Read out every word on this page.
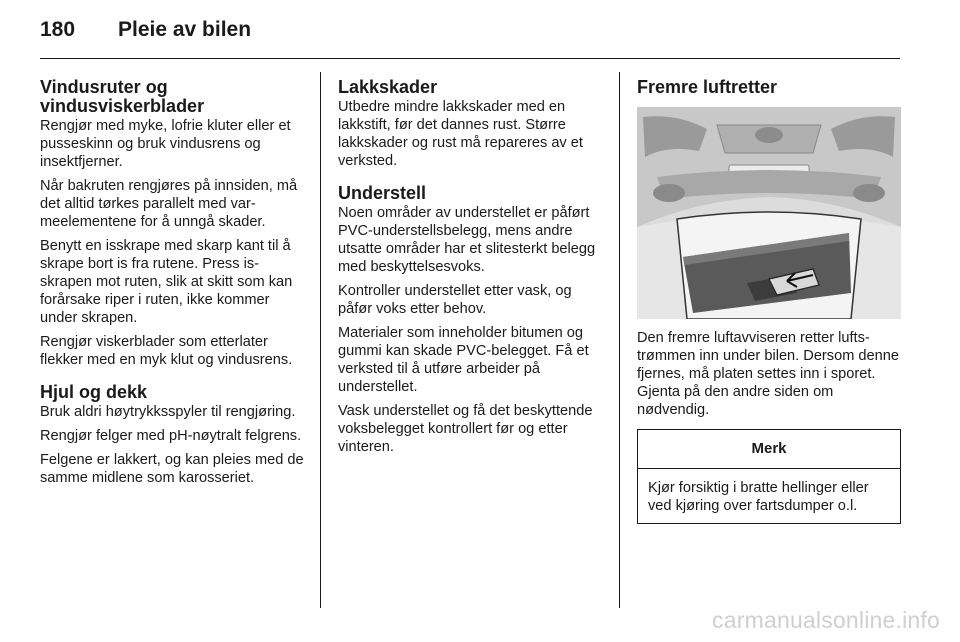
180 Pleie av bilen
Vindusruter og vindusviskerblader

Rengjør med myke, lofrie kluter eller et pusseskinn og bruk vindusrens og insektfjerner.

Når bakruten rengjøres på innsiden, må det alltid tørkes parallelt med varmeelementene for å unngå skader.

Benytt en isskrape med skarp kant til å skrape bort is fra rutene. Press isskrapen mot ruten, slik at skitt som kan forårsake riper i ruten, ikke kommer under skrapen.

Rengjør viskerblader som etterlater flekker med en myk klut og vindusrens.

Hjul og dekk

Bruk aldri høytrykksspyler til rengjøring.

Rengjør felger med pH-nøytralt felgrens.

Felgene er lakkert, og kan pleies med de samme midlene som karosseriet.

Lakkskader

Utbedre mindre lakkskader med en lakkstift, før det dannes rust. Større lakkskader og rust må repareres av et verksted.

Understell

Noen områder av understellet er påført PVC-understellsbelegg, mens andre utsatte områder har et slitesterkt belegg med beskyttelsesvoks.

Kontroller understellet etter vask, og påfør voks etter behov.

Materialer som inneholder bitumen og gummi kan skade PVC-belegget. Få et verksted til å utføre arbeider på understellet.

Vask understellet og få det beskyttende voksbelegget kontrollert før og etter vinteren.

Fremre luftretter

Den fremre luftavviseren retter luftstrømmen inn under bilen. Dersom denne fjernes, må platen settes inn i sporet. Gjenta på den andre siden om nødvendig.

Merk
Kjør forsiktig i bratte hellinger eller ved kjøring over fartsdumper o.l.
carmanualsonline.info
